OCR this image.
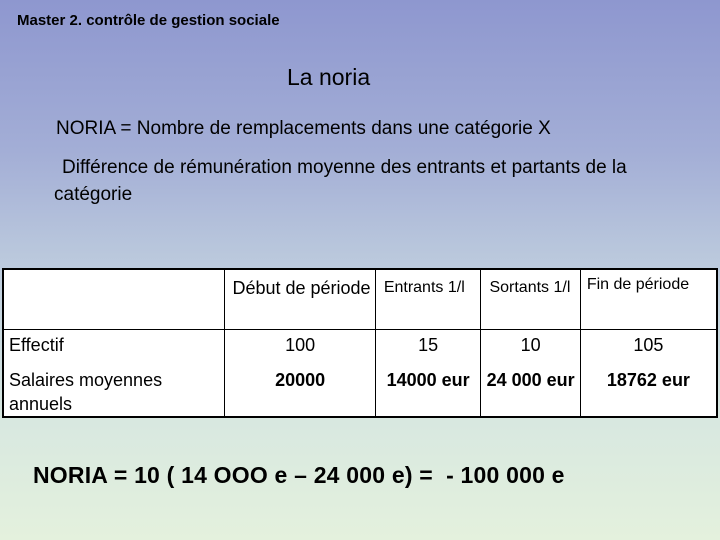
Master 2. contrôle de gestion sociale
La noria
NORIA = Nombre de remplacements dans une catégorie X
Différence de rémunération moyenne des entrants et partants de la catégorie
	Début de période	Entrants 1/l	Sortants 1/l	Fin de période
Effectif	100	15	10	105
Salaires moyennes annuels	20000	14000 eur	24 000 eur	18762 eur
NORIA = 10 ( 14 OOO e – 24 000 e) =  - 100 000 e
